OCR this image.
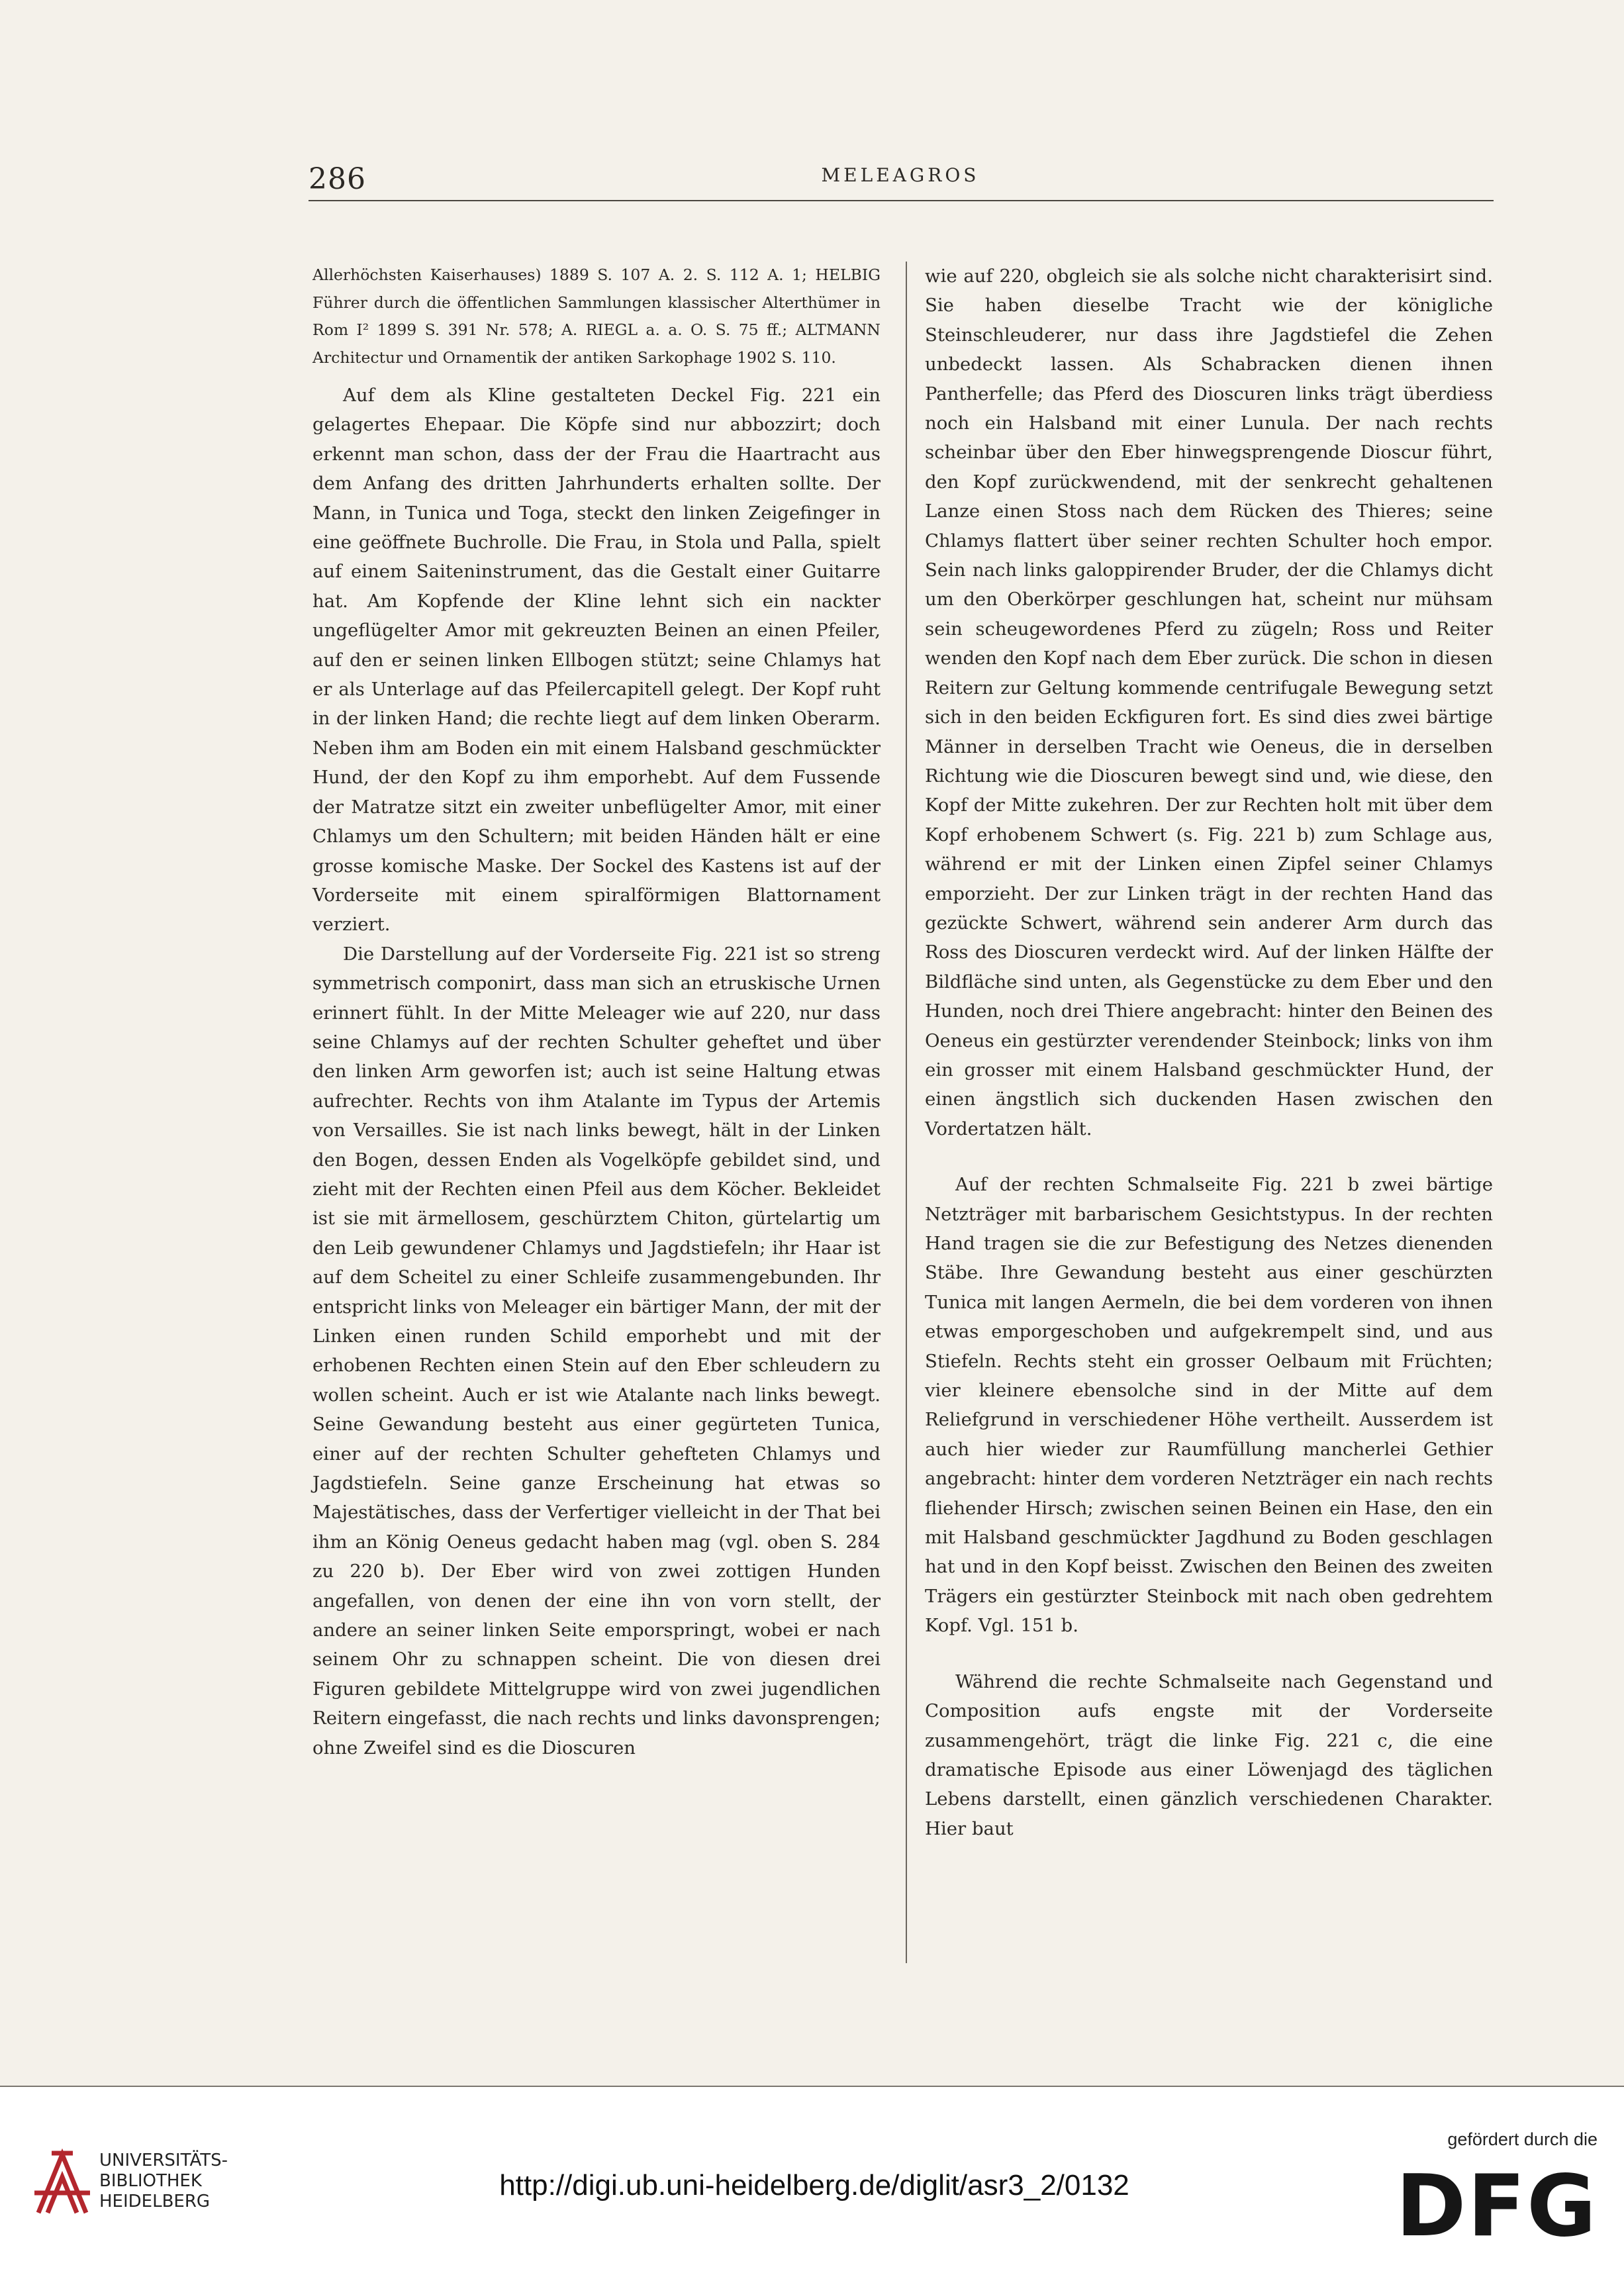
286	MELEAGROS

Allerhöchsten Kaiserhauses) 1889 S. 107 A. 2. S. 112 A. 1; HELBIG Führer durch die öffentlichen Sammlungen klassischer Alterthümer in Rom I² 1899 S. 391 Nr. 578; A. RIEGL a. a. O. S. 75 ff.; ALTMANN Architectur und Ornamentik der antiken Sarkophage 1902 S. 110.

Auf dem als Kline gestalteten Deckel Fig. 221 ein gelagertes Ehepaar. Die Köpfe sind nur abbozzirt; doch erkennt man schon, dass der der Frau die Haartracht aus dem Anfang des dritten Jahrhunderts erhalten sollte. Der Mann, in Tunica und Toga, steckt den linken Zeigefinger in eine geöffnete Buchrolle. Die Frau, in Stola und Palla, spielt auf einem Saiteninstrument, das die Gestalt einer Guitarre hat. Am Kopfende der Kline lehnt sich ein nackter ungeflügelter Amor mit gekreuzten Beinen an einen Pfeiler, auf den er seinen linken Ellbogen stützt; seine Chlamys hat er als Unterlage auf das Pfeilercapitell gelegt. Der Kopf ruht in der linken Hand; die rechte liegt auf dem linken Oberarm. Neben ihm am Boden ein mit einem Halsband geschmückter Hund, der den Kopf zu ihm emporhebt. Auf dem Fussende der Matratze sitzt ein zweiter unbeflügelter Amor, mit einer Chlamys um den Schultern; mit beiden Händen hält er eine grosse komische Maske. Der Sockel des Kastens ist auf der Vorderseite mit einem spiralförmigen Blattornament verziert.

Die Darstellung auf der Vorderseite Fig. 221 ist so streng symmetrisch componirt, dass man sich an etruskische Urnen erinnert fühlt. In der Mitte Meleager wie auf 220, nur dass seine Chlamys auf der rechten Schulter geheftet und über den linken Arm geworfen ist; auch ist seine Haltung etwas aufrechter. Rechts von ihm Atalante im Typus der Artemis von Versailles. Sie ist nach links bewegt, hält in der Linken den Bogen, dessen Enden als Vogelköpfe gebildet sind, und zieht mit der Rechten einen Pfeil aus dem Köcher. Bekleidet ist sie mit ärmellosem, geschürztem Chiton, gürtelartig um den Leib gewundener Chlamys und Jagdstiefeln; ihr Haar ist auf dem Scheitel zu einer Schleife zusammengebunden. Ihr entspricht links von Meleager ein bärtiger Mann, der mit der Linken einen runden Schild emporhebt und mit der erhobenen Rechten einen Stein auf den Eber schleudern zu wollen scheint. Auch er ist wie Atalante nach links bewegt. Seine Gewandung besteht aus einer gegürteten Tunica, einer auf der rechten Schulter gehefteten Chlamys und Jagdstiefeln. Seine ganze Erscheinung hat etwas so Majestätisches, dass der Verfertiger vielleicht in der That bei ihm an König Oeneus gedacht haben mag (vgl. oben S. 284 zu 220 b). Der Eber wird von zwei zottigen Hunden angefallen, von denen der eine ihn von vorn stellt, der andere an seiner linken Seite emporspringt, wobei er nach seinem Ohr zu schnappen scheint. Die von diesen drei Figuren gebildete Mittelgruppe wird von zwei jugendlichen Reitern eingefasst, die nach rechts und links davonsprengen; ohne Zweifel sind es die Dioscuren

wie auf 220, obgleich sie als solche nicht charakterisirt sind. Sie haben dieselbe Tracht wie der königliche Steinschleuderer, nur dass ihre Jagdstiefel die Zehen unbedeckt lassen. Als Schabracken dienen ihnen Pantherfelle; das Pferd des Dioscuren links trägt überdiess noch ein Halsband mit einer Lunula. Der nach rechts scheinbar über den Eber hinwegsprengende Dioscur führt, den Kopf zurückwendend, mit der senkrecht gehaltenen Lanze einen Stoss nach dem Rücken des Thieres; seine Chlamys flattert über seiner rechten Schulter hoch empor. Sein nach links galoppirender Bruder, der die Chlamys dicht um den Oberkörper geschlungen hat, scheint nur mühsam sein scheugewordenes Pferd zu zügeln; Ross und Reiter wenden den Kopf nach dem Eber zurück. Die schon in diesen Reitern zur Geltung kommende centrifugale Bewegung setzt sich in den beiden Eckfiguren fort. Es sind dies zwei bärtige Männer in derselben Tracht wie Oeneus, die in derselben Richtung wie die Dioscuren bewegt sind und, wie diese, den Kopf der Mitte zukehren. Der zur Rechten holt mit über dem Kopf erhobenem Schwert (s. Fig. 221 b) zum Schlage aus, während er mit der Linken einen Zipfel seiner Chlamys emporzieht. Der zur Linken trägt in der rechten Hand das gezückte Schwert, während sein anderer Arm durch das Ross des Dioscuren verdeckt wird. Auf der linken Hälfte der Bildfläche sind unten, als Gegenstücke zu dem Eber und den Hunden, noch drei Thiere angebracht: hinter den Beinen des Oeneus ein gestürzter verendender Steinbock; links von ihm ein grosser mit einem Halsband geschmückter Hund, der einen ängstlich sich duckenden Hasen zwischen den Vordertatzen hält.

Auf der rechten Schmalseite Fig. 221 b zwei bärtige Netzträger mit barbarischem Gesichtstypus. In der rechten Hand tragen sie die zur Befestigung des Netzes dienenden Stäbe. Ihre Gewandung besteht aus einer geschürzten Tunica mit langen Aermeln, die bei dem vorderen von ihnen etwas emporgeschoben und aufgekrempelt sind, und aus Stiefeln. Rechts steht ein grosser Oelbaum mit Früchten; vier kleinere ebensolche sind in der Mitte auf dem Reliefgrund in verschiedener Höhe vertheilt. Ausserdem ist auch hier wieder zur Raumfüllung mancherlei Gethier angebracht: hinter dem vorderen Netzträger ein nach rechts fliehender Hirsch; zwischen seinen Beinen ein Hase, den ein mit Halsband geschmückter Jagdhund zu Boden geschlagen hat und in den Kopf beisst. Zwischen den Beinen des zweiten Trägers ein gestürzter Steinbock mit nach oben gedrehtem Kopf. Vgl. 151 b.

Während die rechte Schmalseite nach Gegenstand und Composition aufs engste mit der Vorderseite zusammengehört, trägt die linke Fig. 221 c, die eine dramatische Episode aus einer Löwenjagd des täglichen Lebens darstellt, einen gänzlich verschiedenen Charakter. Hier baut

UNIVERSITÄTS-
BIBLIOTHEK
HEIDELBERG	http://digi.ub.uni-heidelberg.de/diglit/asr3_2/0132
gefördert durch die
DFG
